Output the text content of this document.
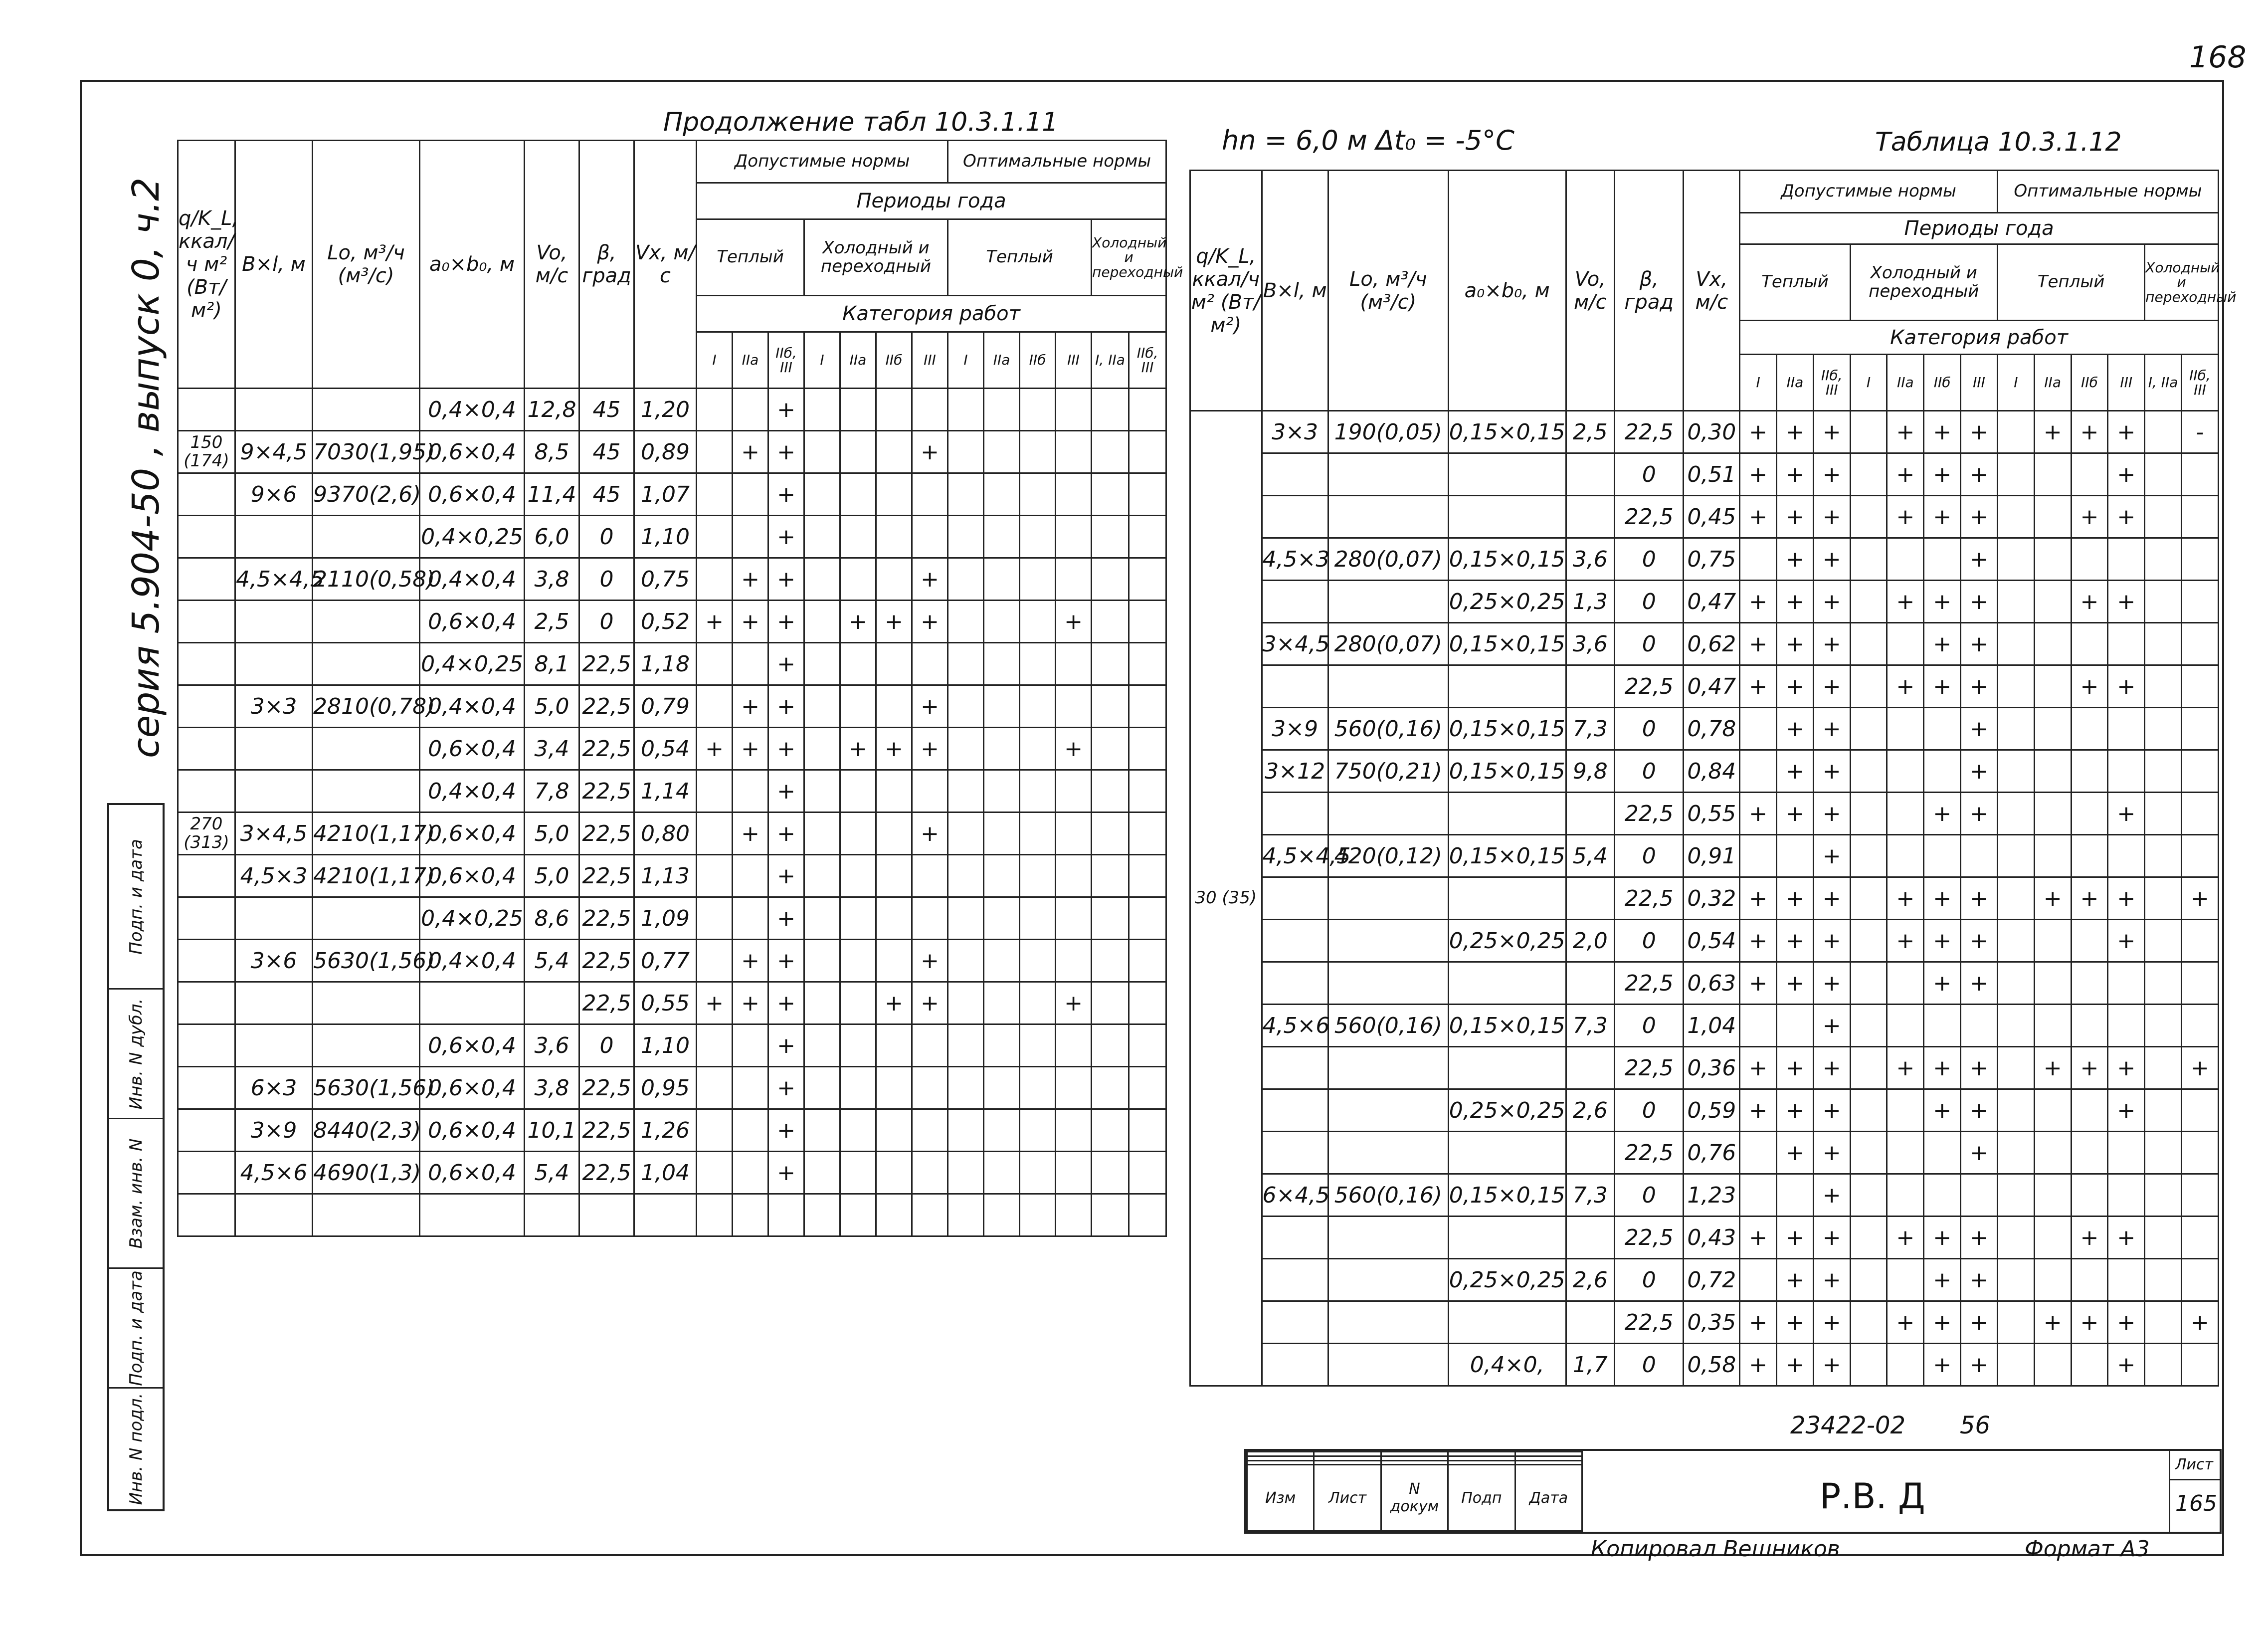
168
серия 5.904-50 , выпуск 0, ч.2
Подп. и дата
Инв. N дубл.
Взам. инв. N
Подп. и дата
Инв. N подл.
Продолжение табл 10.3.1.11
q/K_L, ккал/ч м² (Вт/м²)	B×l, м	Lo, м³/ч (м³/с)	a₀×b₀, м	Vo, м/с	β, град	Vx, м/с	Допустимые нормы							Оптимальные нормы					
							Периоды года												
							Теплый			Холодный и переходный				Теплый				Холодный и переходный	
							Категория работ												
							I	IIa	IIб, III	I	IIa	IIб	III	I	IIa	IIб	III	I, IIa	IIб, III
			0,4×0,4	12,8	45	1,20			+										
150 (174)	9×4,5	7030(1,95)	0,6×0,4	8,5	45	0,89		+	+				+						
	9×6	9370(2,6)	0,6×0,4	11,4	45	1,07			+										
			0,4×0,25	6,0	0	1,10			+										
	4,5×4,5	2110(0,58)	0,4×0,4	3,8	0	0,75		+	+				+						
			0,6×0,4	2,5	0	0,52	+	+	+		+	+	+				+		
			0,4×0,25	8,1	22,5	1,18			+										
	3×3	2810(0,78)	0,4×0,4	5,0	22,5	0,79		+	+				+						
			0,6×0,4	3,4	22,5	0,54	+	+	+		+	+	+				+		
			0,4×0,4	7,8	22,5	1,14			+										
270 (313)	3×4,5	4210(1,17)	0,6×0,4	5,0	22,5	0,80		+	+				+						
	4,5×3	4210(1,17)	0,6×0,4	5,0	22,5	1,13			+										
			0,4×0,25	8,6	22,5	1,09			+										
	3×6	5630(1,56)	0,4×0,4	5,4	22,5	0,77		+	+				+						
					22,5	0,55	+	+	+			+	+				+		
			0,6×0,4	3,6	0	1,10			+										
	6×3	5630(1,56)	0,6×0,4	3,8	22,5	0,95			+										
	3×9	8440(2,3)	0,6×0,4	10,1	22,5	1,26			+										
	4,5×6	4690(1,3)	0,6×0,4	5,4	22,5	1,04			+										

hn = 6,0 м Δt₀ = -5°C	Таблица 10.3.1.12
q/K_L, ккал/ч м² (Вт/м²)	B×l, м	Lo, м³/ч (м³/с)	a₀×b₀, м	Vo, м/с	β, град	Vx, м/с	Допустимые нормы							Оптимальные нормы					
							Периоды года												
							Теплый			Холодный и переходный				Теплый				Холодный и переходный	
							Категория работ												
							I	IIa	IIб, III	I	IIa	IIб	III	I	IIa	IIб	III	I, IIa	IIб, III
30 (35)	3×3	190(0,05)	0,15×0,15	2,5	22,5	0,30	+	+	+		+	+	+		+	+	+		-
					0	0,51	+	+	+		+	+	+				+		
					22,5	0,45	+	+	+		+	+	+			+	+		
	4,5×3	280(0,07)	0,15×0,15	3,6	0	0,75		+	+				+						
			0,25×0,25	1,3	0	0,47	+	+	+		+	+	+			+	+		
	3×4,5	280(0,07)	0,15×0,15	3,6	0	0,62	+	+	+			+	+						
					22,5	0,47	+	+	+		+	+	+			+	+		
	3×9	560(0,16)	0,15×0,15	7,3	0	0,78		+	+				+						
	3×12	750(0,21)	0,15×0,15	9,8	0	0,84		+	+				+						
					22,5	0,55	+	+	+			+	+				+		
	4,5×4,5	420(0,12)	0,15×0,15	5,4	0	0,91			+										
					22,5	0,32	+	+	+		+	+	+		+	+	+		+
			0,25×0,25	2,0	0	0,54	+	+	+		+	+	+				+		
					22,5	0,63	+	+	+			+	+						
	4,5×6	560(0,16)	0,15×0,15	7,3	0	1,04			+										
					22,5	0,36	+	+	+		+	+	+		+	+	+		+
			0,25×0,25	2,6	0	0,59	+	+	+			+	+				+		
					22,5	0,76		+	+				+						
	6×4,5	560(0,16)	0,15×0,15	7,3	0	1,23			+										
					22,5	0,43	+	+	+		+	+	+			+	+		
			0,25×0,25	2,6	0	0,72		+	+			+	+						
					22,5	0,35	+	+	+		+	+	+		+	+	+		+
			0,4×0,	1,7	0	0,58	+	+	+			+	+				+		
23422-02 56

Изм	Лист	N докум	Подп	Дата	Р.В. Д
Лист
165
Копировал Вешников	Формат А3
